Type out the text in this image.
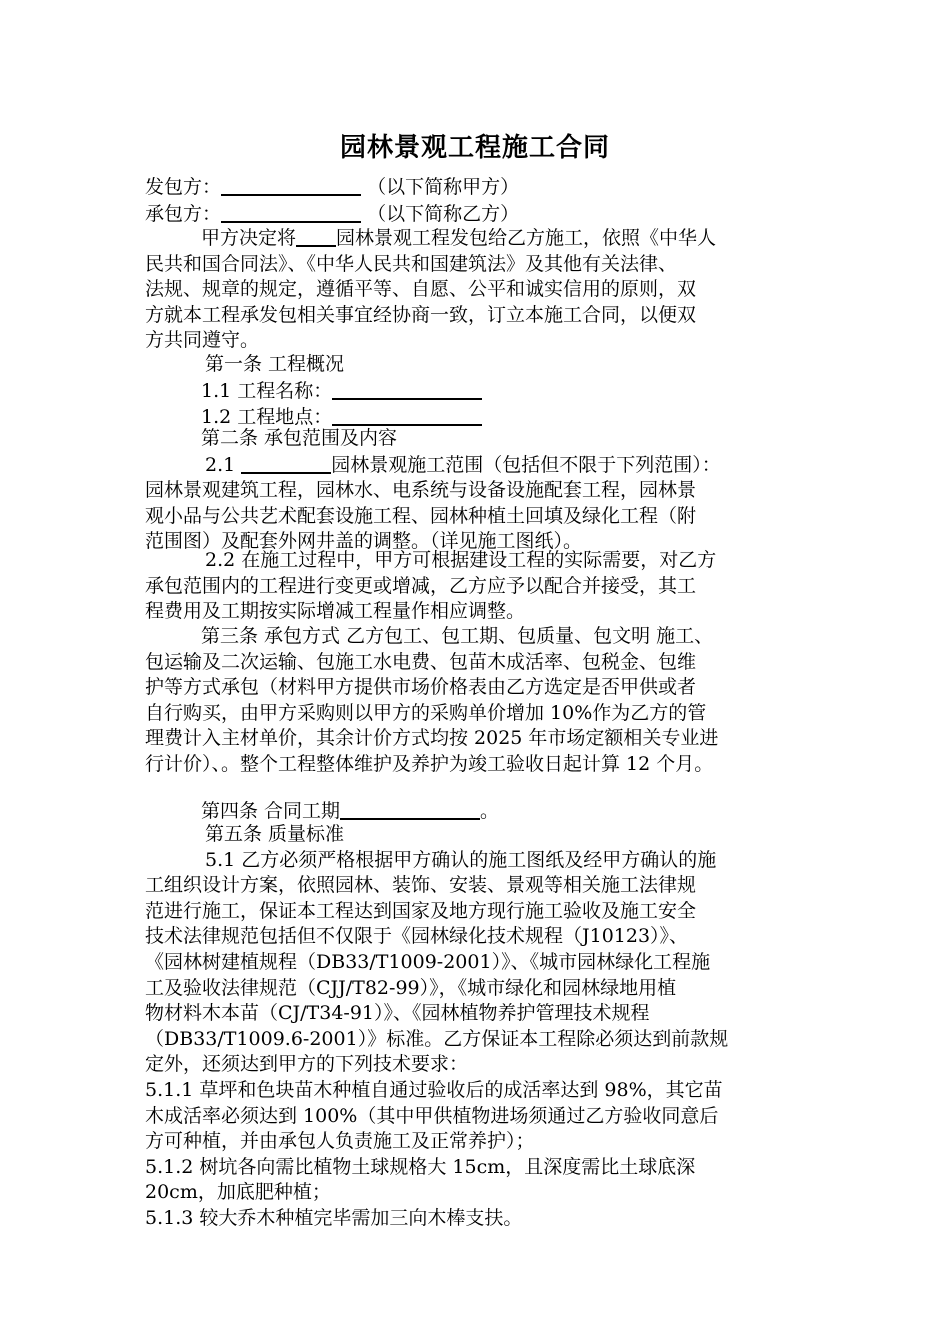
园林景观工程施工合同

发包方：	（以下简称甲方）

承包方：	（以下简称乙方）

甲方决定将 园林景观工程发包给乙方施工，依照《中华人

民共和国合同法》、《中华人民共和国建筑法》及其他有关法律、

法规、规章的规定，遵循平等、自愿、公平和诚实信用的原则，双

方就本工程承发包相关事宜经协商一致，订立本施工合同，以便双

方共同遵守。

第一条 工程概况

1.1 工程名称：

1.2 工程地点：

第二条 承包范围及内容

2.1	园林景观施工范围（包括但不限于下列范围）：

园林景观建筑工程，园林水、电系统与设备设施配套工程，园林景

观小品与公共艺术配套设施工程、园林种植土回填及绿化工程（附

范围图）及配套外网井盖的调整。（详见施工图纸）。

2.2 在施工过程中，甲方可根据建设工程的实际需要，对乙方

承包范围内的工程进行变更或增减，乙方应予以配合并接受，其工

程费用及工期按实际增减工程量作相应调整。

第三条 承包方式 乙方包工、包工期、包质量、包文明 施工、

包运输及二次运输、包施工水电费、包苗木成活率、包税金、包维

护等方式承包（材料甲方提供市场价格表由乙方选定是否甲供或者

自行购买，由甲方采购则以甲方的采购单价增加 10%作为乙方的管

理费计入主材单价，其余计价方式均按 2025 年市场定额相关专业进

行计价）、。整个工程整体维护及养护为竣工验收日起计算 12 个月。

第四条 合同工期	。

第五条 质量标准

5.1 乙方必须严格根据甲方确认的施工图纸及经甲方确认的施

工组织设计方案，依照园林、装饰、安装、景观等相关施工法律规

范进行施工，保证本工程达到国家及地方现行施工验收及施工安全

技术法律规范包括但不仅限于《园林绿化技术规程（J10123）》、

《园林树建植规程（DB33/T1009-2001）》、《城市园林绿化工程施

工及验收法律规范（CJJ/T82-99）》，《城市绿化和园林绿地用植

物材料木本苗（CJ/T34-91）》、《园林植物养护管理技术规程

（DB33/T1009.6-2001）》标准。乙方保证本工程除必须达到前款规

定外，还须达到甲方的下列技术要求：

5.1.1 草坪和色块苗木种植自通过验收后的成活率达到 98%，其它苗

木成活率必须达到 100%（其中甲供植物进场须通过乙方验收同意后

方可种植，并由承包人负责施工及正常养护）；

5.1.2 树坑各向需比植物土球规格大 15cm，且深度需比土球底深

20cm，加底肥种植；

5.1.3 较大乔木种植完毕需加三向木棒支扶。
